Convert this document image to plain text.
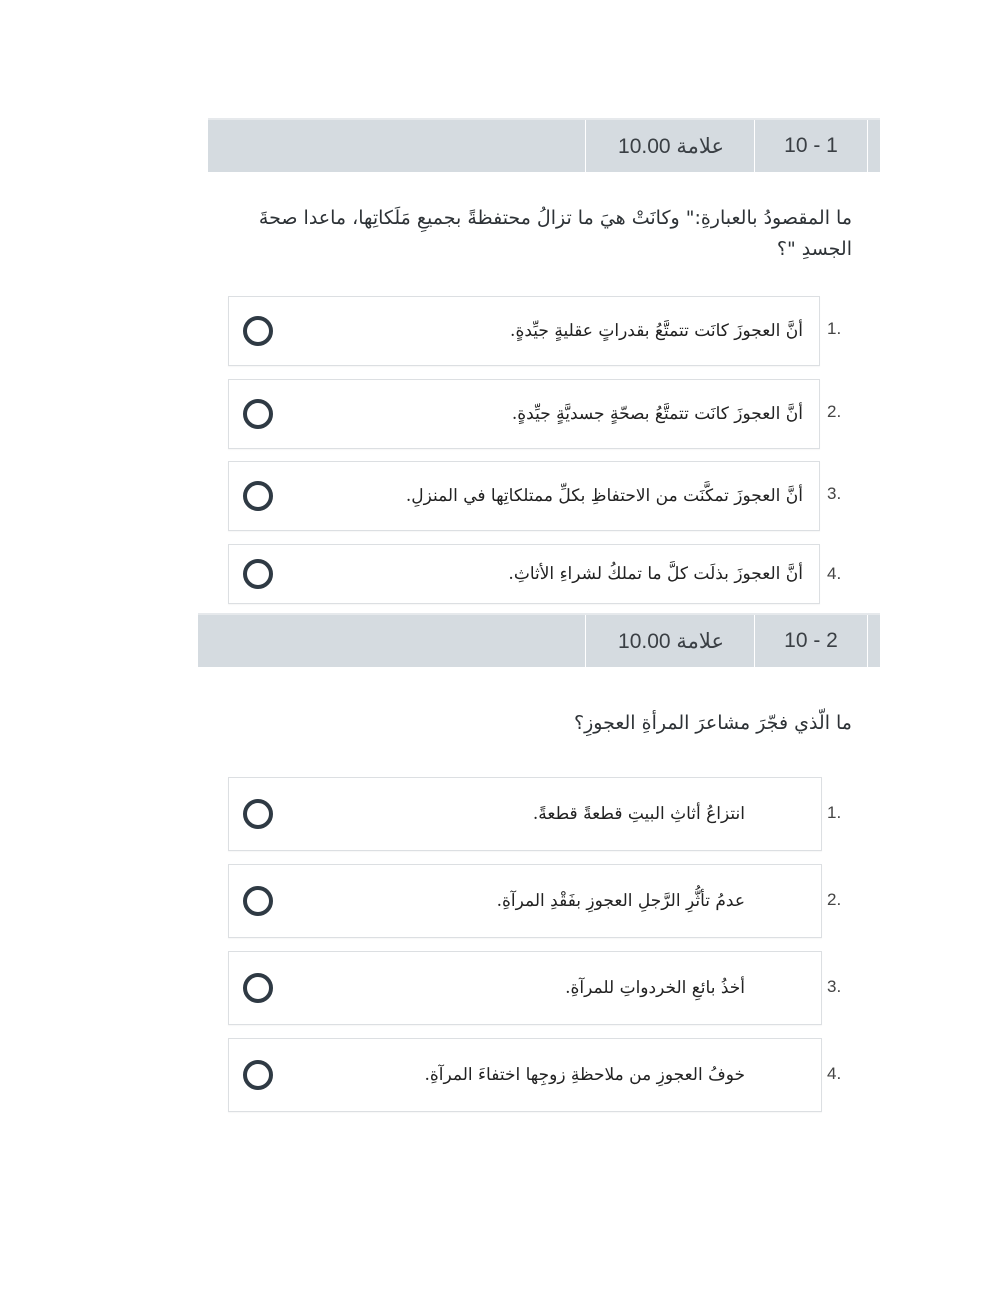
10 - 1
10.00 علامة
ما المقصودُ بالعبارةِ:" وكانَتْ هيَ ما تزالُ محتفظةً بجميعِ مَلَكاتِها، ماعدا صحةَ الجسدِ "؟
1.
أنَّ العجوزَ كانَت تتمتَّعُ بقدراتٍ عقليةٍ جيِّدةٍ.
2.
أنَّ العجوزَ كانَت تتمتَّعُ بصحّةٍ جسديَّةٍ جيِّدةٍ.
3.
أنَّ العجوزَ تمكَّنَت من الاحتفاظِ بكلِّ ممتلكاتِها في المنزلِ.
4.
أنَّ العجوزَ بذلَت كلَّ ما تملكُ لشراءِ الأثاثِ.
10 - 2
10.00 علامة
ما الّذي فجّرَ مشاعرَ المرأةِ العجوزِ؟
1.
انتزاعُ أثاثِ البيتِ قطعةً قطعةً.
2.
عدمُ تأثُّرِ الرَّجلِ العجوزِ بفَقْدِ المرآةِ.
3.
أخذُ بائعِ الخردواتِ للمرآةِ.
4.
خوفُ العجوزِ من ملاحظةِ زوجِها اختفاءَ المرآةِ.
